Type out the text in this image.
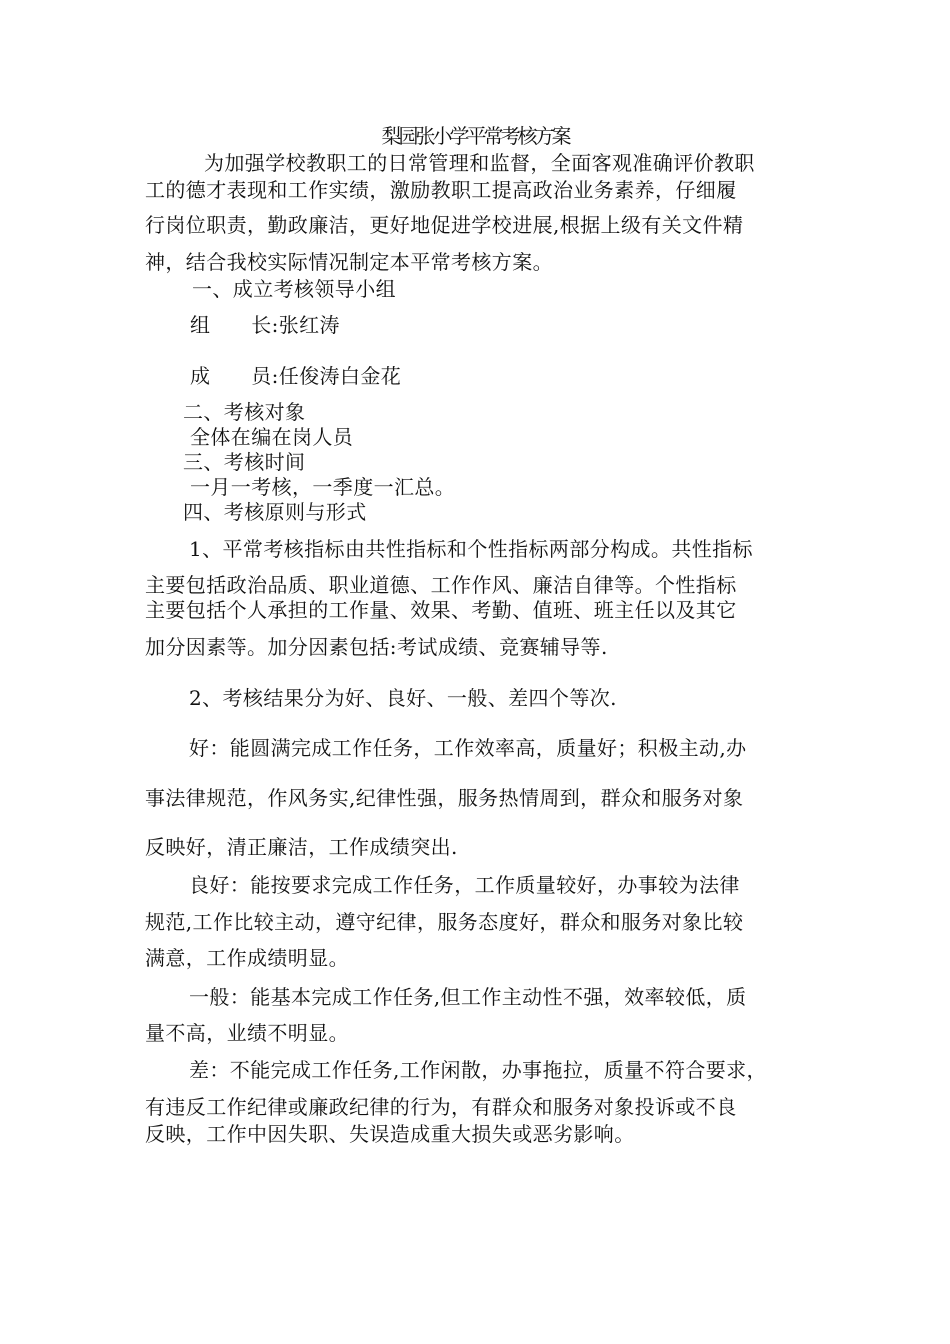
梨园张小学平常考核方案
为加强学校教职工的日常管理和监督，全面客观准确评价教职
工的德才表现和工作实绩，激励教职工提高政治业务素养，仔细履
行岗位职责，勤政廉洁，更好地促进学校进展,根据上级有关文件精
神，结合我校实际情况制定本平常考核方案。
一、成立考核领导小组
组　　长:张红涛
成　　员:任俊涛白金花
二、考核对象
全体在编在岗人员
三、考核时间
一月一考核，一季度一汇总。
四、考核原则与形式
1、平常考核指标由共性指标和个性指标两部分构成。共性指标
主要包括政治品质、职业道德、工作作风、廉洁自律等。个性指标
主要包括个人承担的工作量、效果、考勤、值班、班主任以及其它
加分因素等。加分因素包括:考试成绩、竞赛辅导等.
2、考核结果分为好、良好、一般、差四个等次.
好：能圆满完成工作任务，工作效率高，质量好；积极主动,办
事法律规范，作风务实,纪律性强，服务热情周到，群众和服务对象
反映好，清正廉洁，工作成绩突出.
良好：能按要求完成工作任务，工作质量较好，办事较为法律
规范,工作比较主动，遵守纪律，服务态度好，群众和服务对象比较
满意，工作成绩明显。
一般：能基本完成工作任务,但工作主动性不强，效率较低，质
量不高，业绩不明显。
差：不能完成工作任务,工作闲散，办事拖拉，质量不符合要求，
有违反工作纪律或廉政纪律的行为，有群众和服务对象投诉或不良
反映，工作中因失职、失误造成重大损失或恶劣影响。
